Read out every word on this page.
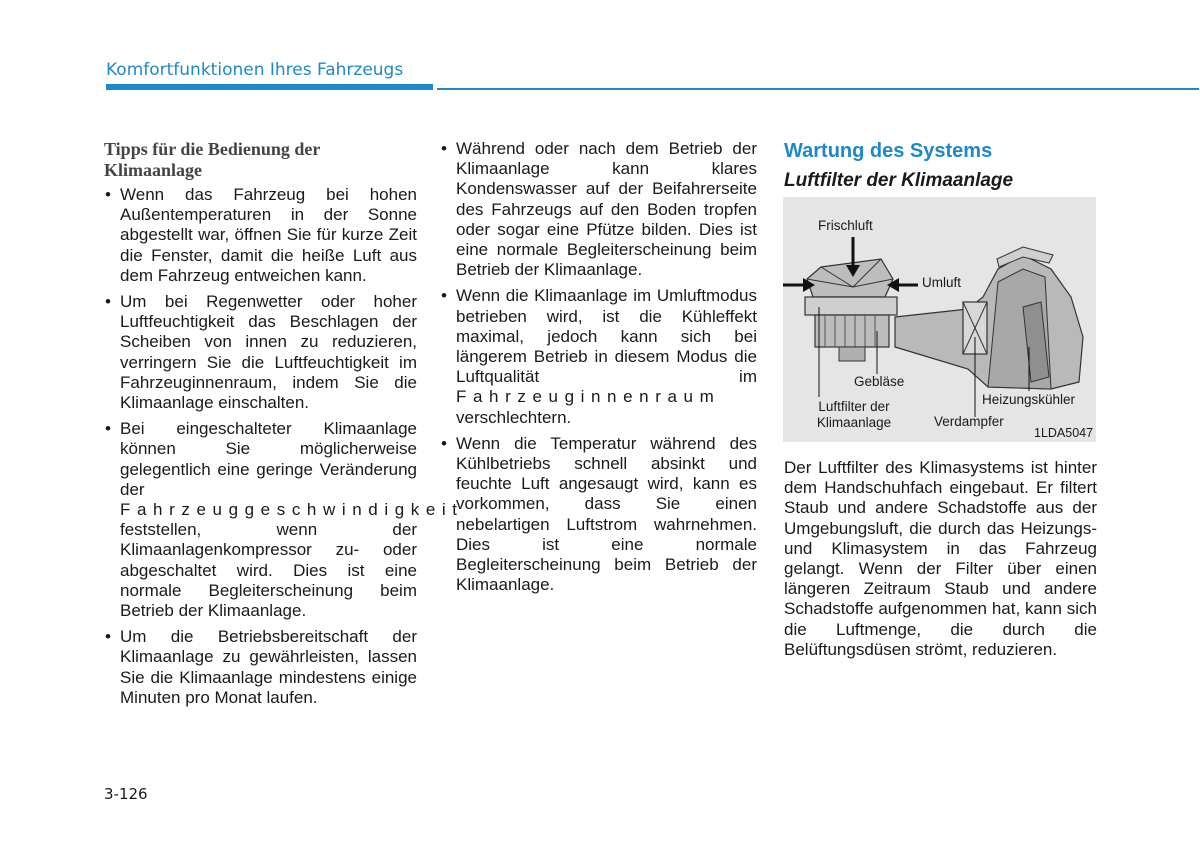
Komfortfunktionen Ihres Fahrzeugs
Tipps für die Bedienung der Klimaanlage
• Wenn das Fahrzeug bei hohen Außentemperaturen in der Sonne abgestellt war, öffnen Sie für kurze Zeit die Fenster, damit die heiße Luft aus dem Fahrzeug entweichen kann.
• Um bei Regenwetter oder hoher Luftfeuchtigkeit das Beschlagen der Scheiben von innen zu reduzieren, verringern Sie die Luftfeuchtigkeit im Fahrzeuginnenraum, indem Sie die Klimaanlage einschalten.
• Bei eingeschalteter Klimaanlage können Sie möglicherweise gelegentlich eine geringe Veränderung der Fahrzeuggeschwindigkeit feststellen, wenn der Klimaanlagenkompressor zu- oder abgeschaltet wird. Dies ist eine normale Begleiterscheinung beim Betrieb der Klimaanlage.
• Um die Betriebsbereitschaft der Klimaanlage zu gewährleisten, lassen Sie die Klimaanlage mindestens einige Minuten pro Monat laufen.
• Während oder nach dem Betrieb der Klimaanlage kann klares Kondenswasser auf der Beifahrerseite des Fahrzeugs auf den Boden tropfen oder sogar eine Pfütze bilden. Dies ist eine normale Begleiterscheinung beim Betrieb der Klimaanlage.
• Wenn die Klimaanlage im Umluftmodus betrieben wird, ist die Kühleffekt maximal, jedoch kann sich bei längerem Betrieb in diesem Modus die Luftqualität im Fahrzeuginnenraum verschlechtern.
• Wenn die Temperatur während des Kühlbetriebs schnell absinkt und feuchte Luft angesaugt wird, kann es vorkommen, dass Sie einen nebelartigen Luftstrom wahrnehmen. Dies ist eine normale Begleiterscheinung beim Betrieb der Klimaanlage.
Wartung des Systems
Luftfilter der Klimaanlage
Frischluft
Umluft
Gebläse
Luftfilter der Klimaanlage	Verdampfer
Heizungskühler
1LDA5047
Der Luftfilter des Klimasystems ist hinter dem Handschuhfach eingebaut. Er filtert Staub und andere Schadstoffe aus der Umgebungsluft, die durch das Heizungs- und Klimasystem in das Fahrzeug gelangt. Wenn der Filter über einen längeren Zeitraum Staub und andere Schadstoffe aufgenommen hat, kann sich die Luftmenge, die durch die Belüftungsdüsen strömt, reduzieren.
3-126
